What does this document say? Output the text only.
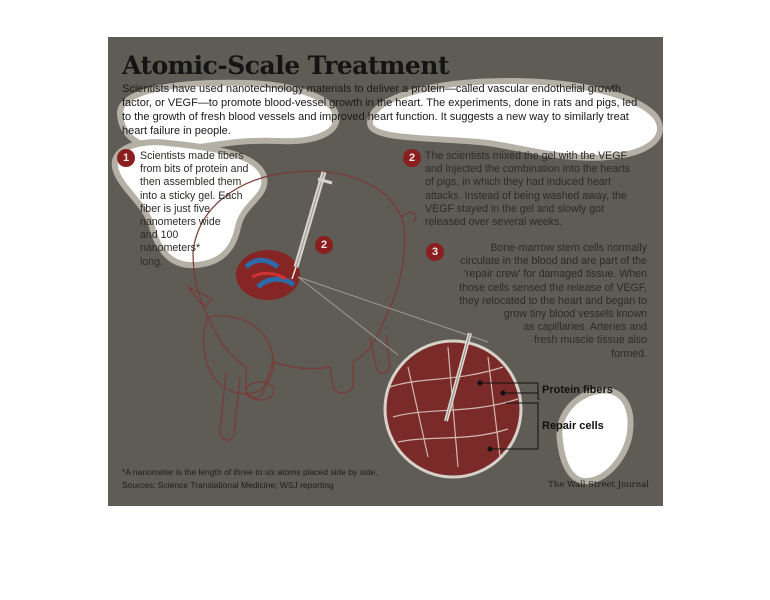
Atomic-Scale Treatment

Scientists have used nanotechnology materials to deliver a protein—called vascular endothelial growth factor, or VEGF—to promote blood-vessel growth in the heart. The experiments, done in rats and pigs, led to the growth of fresh blood vessels and improved heart function. It suggests a new way to similarly treat heart failure in people.

2
1	Scientists made fibers
from bits of protein and
then assembled them
into a sticky gel. Each
fiber is just five
nanometers wide
and 100
nanometers*
long.

2 The scientists mixed the gel with the VEGF
and injected the combination into the hearts
of pigs, in which they had induced heart
attacks. Instead of being washed away, the
VEGF stayed in the gel and slowly got
released over several weeks.

3	Bone-marrow stem cells normally
circulate in the blood and are part of the
'repair crew' for damaged tissue. When
those cells sensed the release of VEGF,
they relocated to the heart and began to
grow tiny blood vessels known
as capillaries. Arteries and
fresh muscle tissue also
formed.

Protein fibers

Repair cells

*A nanometer is the length of three to six atoms placed side by side.

Sources: Science Translational Medicine; WSJ reporting	The Wall Street Journal
